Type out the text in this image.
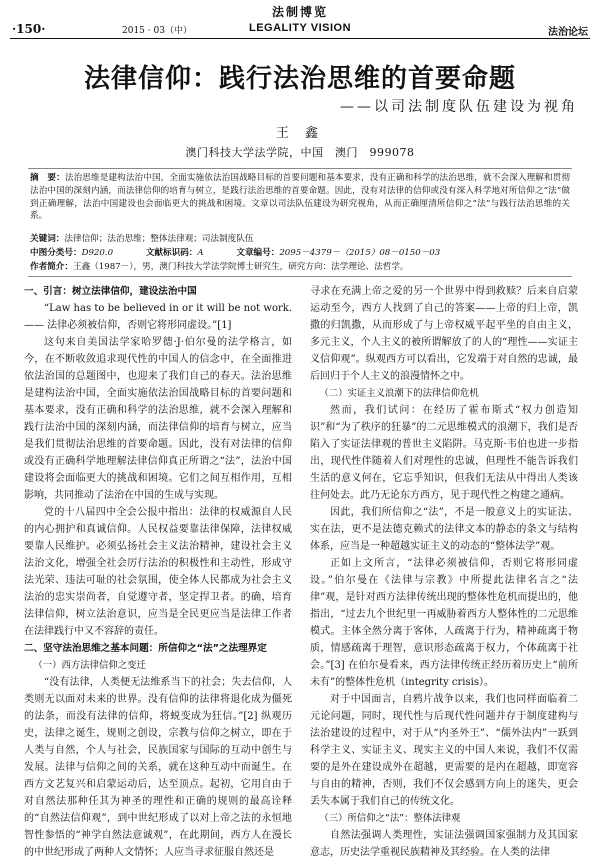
·150·	2015 · 03（中）
法制博览
LEGALITY VISION	法治论坛
法律信仰：践行法治思维的首要命题
——以司法制度队伍建设为视角
王 鑫
澳门科技大学法学院，中国　澳门　999078
摘　要：法治思维是建构法治中国，全面实施依法治国战略目标的首要问题和基本要求，没有正确和科学的法治思维，就不会深入理解和贯彻法治中国的深刻内涵，而法律信仰的培育与树立，是践行法治思维的首要命题。因此，没有对法律的信仰或没有深入科学地对所信仰之“法”做到正确理解，法治中国建设也会面临更大的挑战和困境。文章以司法队伍建设为研究视角，从而正确厘清所信仰之“法”与践行法治思维的关系。
关键词：法律信仰；法治思维；整体法律观；司法制度队伍
中图分类号：D920.0	文献标识码：A	文章编号：2095－4379－（2015）08－0150－03
作者简介：王鑫（1987－），男，澳门科技大学法学院博士研究生，研究方向：法学理论、法哲学。

一、引言：树立法律信仰，建设法治中国

“Law has to be believed in or it will be not work. —— 法律必须被信仰，否则它将形同虚设。”[1]

这句来自美国法学家哈罗德·J·伯尔曼的法学格言，如今，在不断收敛追求现代性的中国人的信念中，在全面推进依法治国的总题图中，也迎来了我们自己的春天。法治思维是建构法治中国，全面实施依法治国战略目标的首要问题和基本要求，没有正确和科学的法治思维，就不会深入理解和践行法治中国的深刻内涵，而法律信仰的培育与树立，应当是我们贯彻法治思维的首要命题。因此，没有对法律的信仰或没有正确科学地理解法律信仰真正所谓之“法”，法治中国建设将会面临更大的挑战和困境。它们之间互相作用，互相影响，共同推动了法治在中国的生成与实现。

党的十八届四中全会公报中指出：法律的权威源自人民的内心拥护和真诚信仰。人民权益要靠法律保障，法律权威要靠人民维护。必须弘扬社会主义法治精神，建设社会主义法治文化，增强全社会厉行法治的积极性和主动性，形成守法光荣、违法可耻的社会氛围，使全体人民都成为社会主义法治的忠实崇尚者，自觉遵守者，坚定捍卫者。的确，培育法律信仰，树立法治意识，应当是全民更应当是法律工作者在法律践行中又不容辞的责任。

二、坚守法治思维之基本问题：所信仰之“法”之法理界定

（一）西方法律信仰之变迁

“没有法律，人类便无法维系当下的社会；失去信仰，人类则无以面对未来的世界。没有信仰的法律将退化成为僵死的法条，而没有法律的信仰，将蜕变成为狂信。”[2] 纵观历史，法律之诞生，规则之创设，宗教与信仰之树立，即在于人类与自然，个人与社会，民族国家与国际的互动中创生与发展。法律与信仰之间的关系，就在这种互动中而诞生。在西方文艺复兴和启蒙运动后，达至顶点。起初，它用自由于对自然法那种任其为神圣的理性和正确的规则的最高诠释的“自然法信仰观”，到中世纪形成了以对上帝之法的永恒地智性参悟的“神学自然法意诚观”，在此期间，西方人在漫长的中世纪形成了两种人文情怀；人应当寻求征服自然还是

寻求在充满上帝之爱的另一个世界中得到救赎？后来自启蒙运动至今，西方人找到了自己的答案——上帝的归上帝，凯撒的归凯撒，从而形成了与上帝权威平起平坐的自由主义，多元主义，个人主义的被所谓解放了的人的“理性——实证主义信仰观”。纵观西方可以看出，它发端于对自然的忠诚，最后回归于个人主义的浪漫情怀之中。

（二）实证主义浪潮下的法律信仰危机

然而，我们试问：在经历了霍布斯式“权力创造知识”和“为了秩序的狂暴”的二元思维模式的浪潮下，我们是否陷入了实证法律观的普世主义陷阱。马克斯·韦伯也进一步指出，现代性伴随着人们对理性的忠诚，但理性不能告诉我们生活的意义何在，它忘乎知识，但我们无法从中得出人类该往何处去。此乃无论东方西方，见于现代性之构建之通病。

因此，我们所信仰之“法”，不是一般意义上的实证法、实在法，更不是法德克赖式的法律文本的静态的条文与结构体系，应当是一种超越实证主义的动态的“整体法学”观。

正如上文所言，“法律必须被信仰，否则它将形同虚设。”伯尔曼在《法律与宗教》中所提此法律名言之“法律”观，是针对西方法律传统出现的整体性危机而提出的，他指出，“过去九个世纪里一再威胁着西方人整体性的二元思维模式。主体全然分离于客体，人疏离于行为，精神疏离于物质，情感疏离于理智，意识形态疏离于权力，个体疏离于社会。”[3] 在伯尔曼看来，西方法律传统正经历着历史上“前所未有”的整体性危机（integrity crisis）。

对于中国面言，自鸦片战争以来，我们也同样面临着二元论问题，同时，现代性与后现代性问题并存于制度建构与法治建设的过程中，对于从“内圣外王”、“儒外法内”一跃到科学主义、实证主义、现实主义的中国人来说，我们不仅需要的是外在建设成外在超越，更需要的是内在超越，即宽容与自由的精神，否则，我们不仅会感到方向上的迷失，更会丢失本属于我们自己的传统文化。

（三）所信仰之“法”：整体法律观

自然法强调人类理性，实证法强调国家强制力及其国家意志，历史法学重视民族精神及其经验。在人类的法律
